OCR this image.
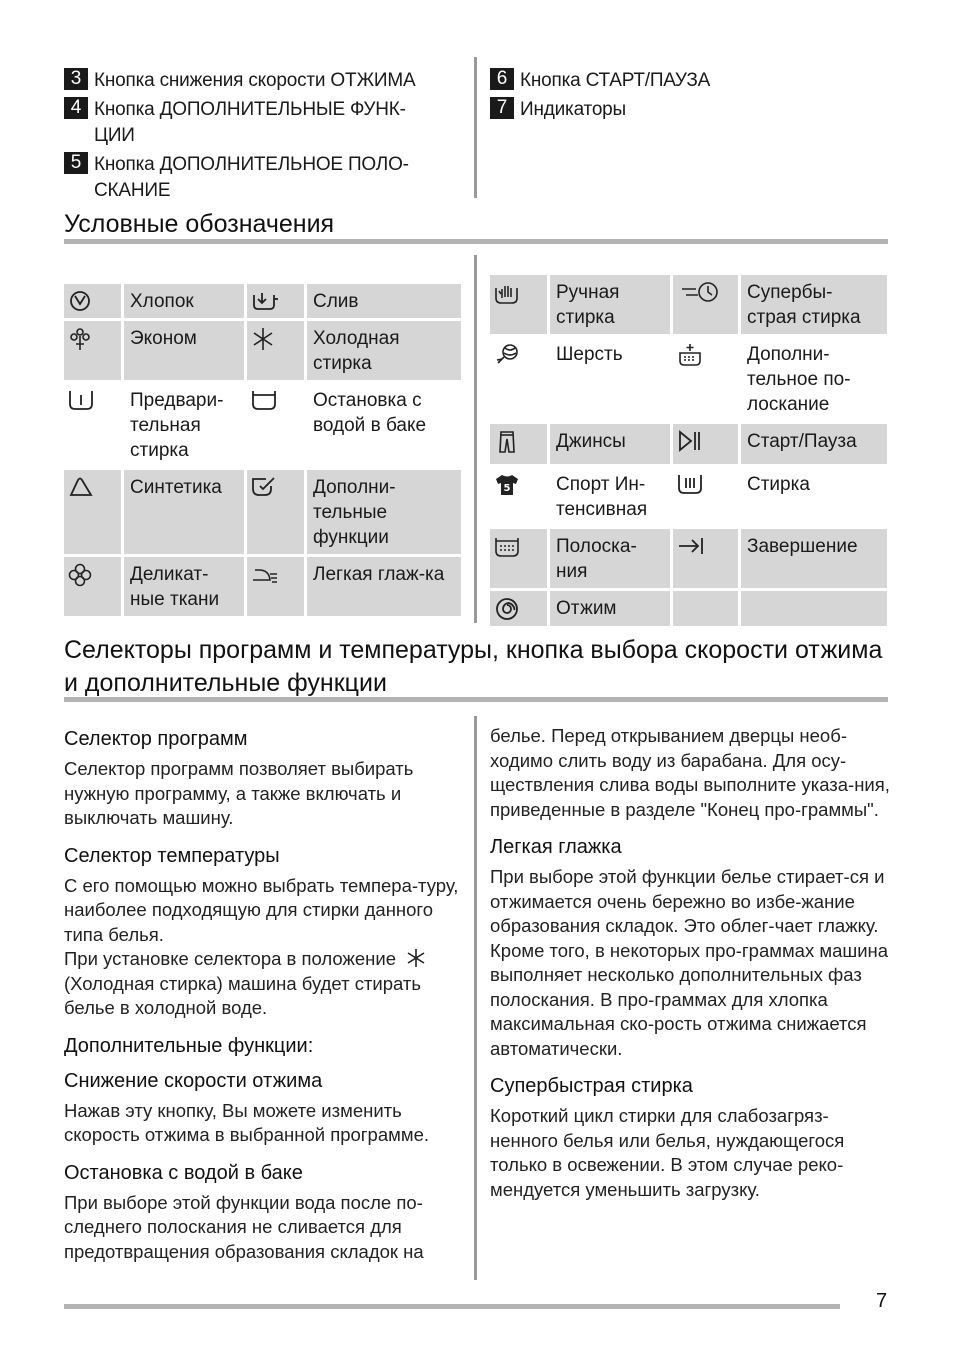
3 Кнопка снижения скорости ОТЖИМА
4 Кнопка ДОПОЛНИТЕЛЬНЫЕ ФУНК-ЦИИ
5 Кнопка ДОПОЛНИТЕЛЬНОЕ ПОЛО-СКАНИЕ
6 Кнопка СТАРТ/ПАУЗА
7 Индикаторы
Условные обозначения
	Хлопок		Слив

	Эконом		Холодная стирка

	Предвари-тельная стирка		Остановка с водой в баке

	Синтетика		Дополни-тельные функции

	Деликат-ные ткани		Легкая глаж-ка
	Ручная стирка		Супербы-страя стирка

	Шерсть		Дополни-тельное по-лоскание

	Джинсы		Старт/Пауза

5	Спорт Ин-тенсивная		Стирка

	Полоска-ния		Завершение

	Отжим		
Селекторы программ и температуры, кнопка выбора скорости отжима и дополнительные функции

Селектор программ

Селектор программ позволяет выбирать нужную программу, а также включать и выключать машину.

Селектор температуры

С его помощью можно выбрать темпера-туру, наиболее подходящую для стирки данного типа белья.

При установке селектора в положение

(Холодная стирка) машина будет стирать белье в холодной воде.

Дополнительные функции:

Снижение скорости отжима

Нажав эту кнопку, Вы можете изменить скорость отжима в выбранной программе.

Остановка с водой в баке

При выборе этой функции вода после по-следнего полоскания не сливается для предотвращения образования складок на

белье. Перед открыванием дверцы необ-ходимо слить воду из барабана. Для осу-ществления слива воды выполните указа-ния, приведенные в разделе "Конец про-граммы".

Легкая глажка

При выборе этой функции белье стирает-ся и отжимается очень бережно во избе-жание образования складок. Это облег-чает глажку. Кроме того, в некоторых про-граммах машина выполняет несколько дополнительных фаз полоскания. В про-граммах для хлопка максимальная ско-рость отжима снижается автоматически.

Супербыстрая стирка

Короткий цикл стирки для слабозагряз-ненного белья или белья, нуждающегося только в освежении. В этом случае реко-мендуется уменьшить загрузку.

7
